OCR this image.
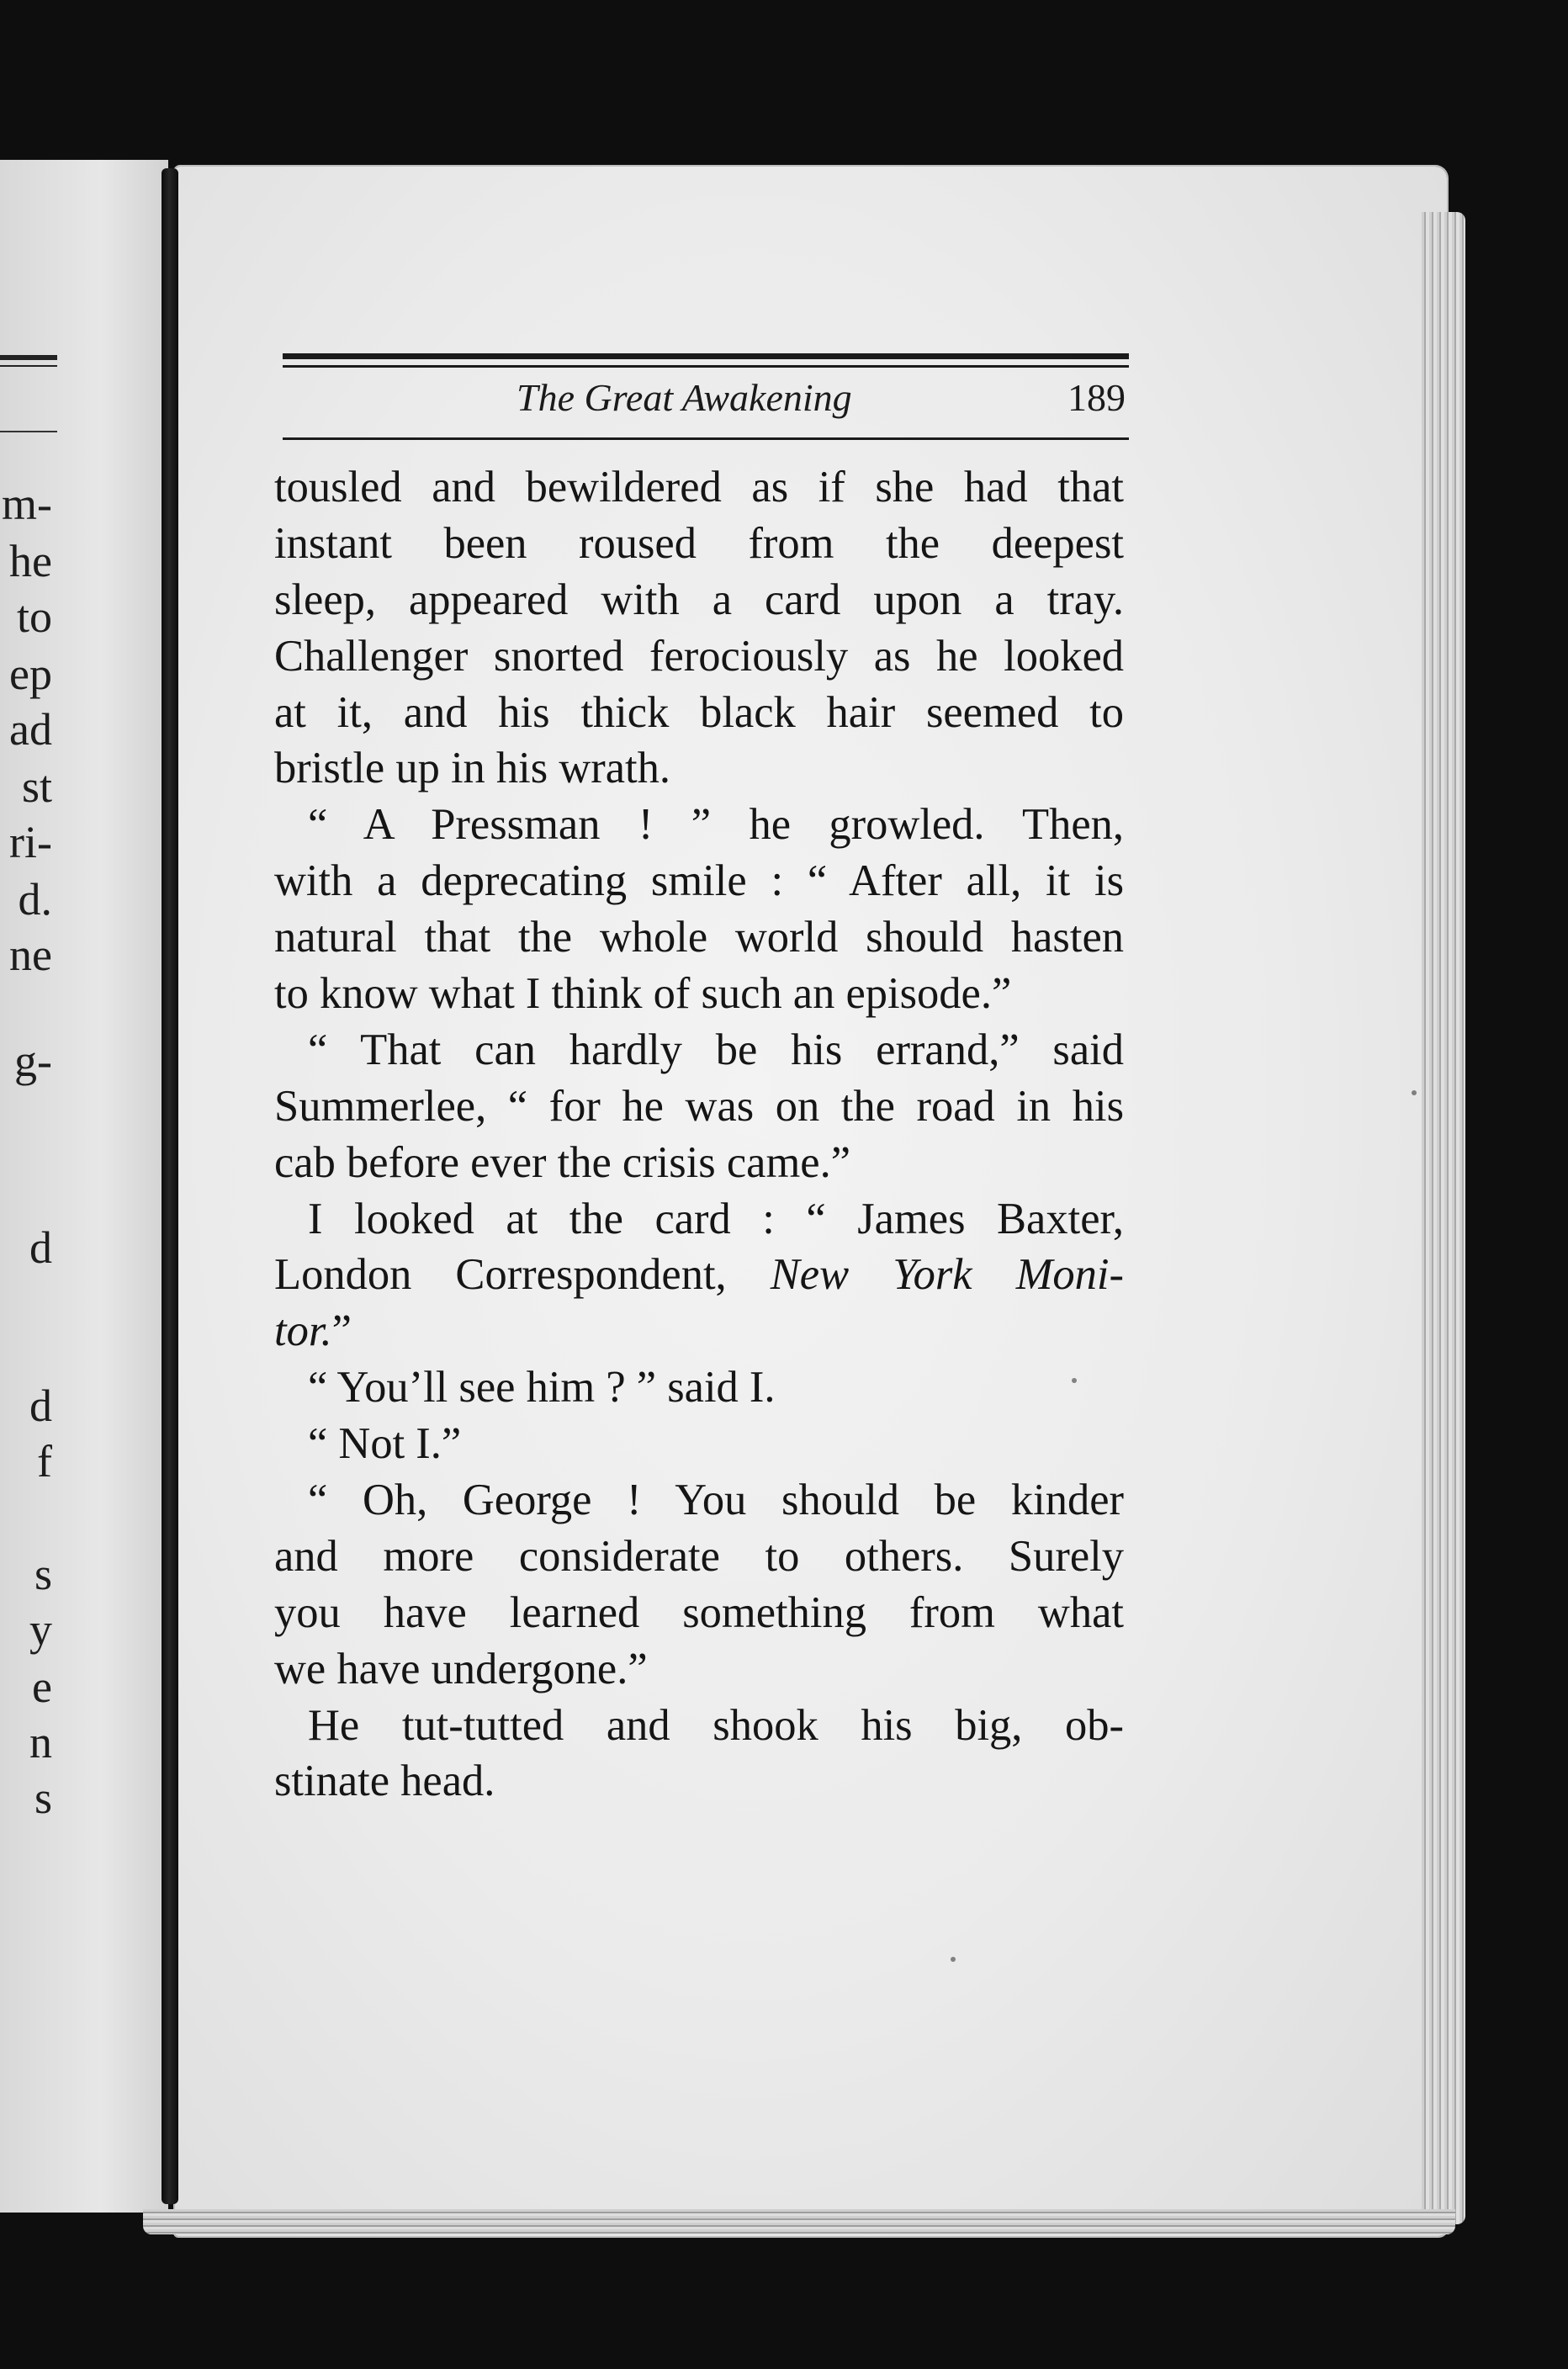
m-
he
to
ep
ad
st
ri-
d.
ne
g-
d
d
f
s
y
e
n
s
The Great Awakening	189
tousled and bewildered as if she had that
instant been roused from the deepest
sleep, appeared with a card upon a tray.
Challenger snorted ferociously as he looked
at it, and his thick black hair seemed to
bristle up in his wrath.
“ A Pressman ! ” he growled. Then,
with a deprecating smile : “ After all, it is
natural that the whole world should hasten
to know what I think of such an episode.”
“ That can hardly be his errand,” said
Summerlee, “ for he was on the road in his
cab before ever the crisis came.”
I looked at the card : “ James Baxter,
London Correspondent, New York Moni-
tor.”
“ You’ll see him ? ” said I.
“ Not I.”
“ Oh, George ! You should be kinder
and more considerate to others. Surely
you have learned something from what
we have undergone.”
He tut-tutted and shook his big, ob-
stinate head.
